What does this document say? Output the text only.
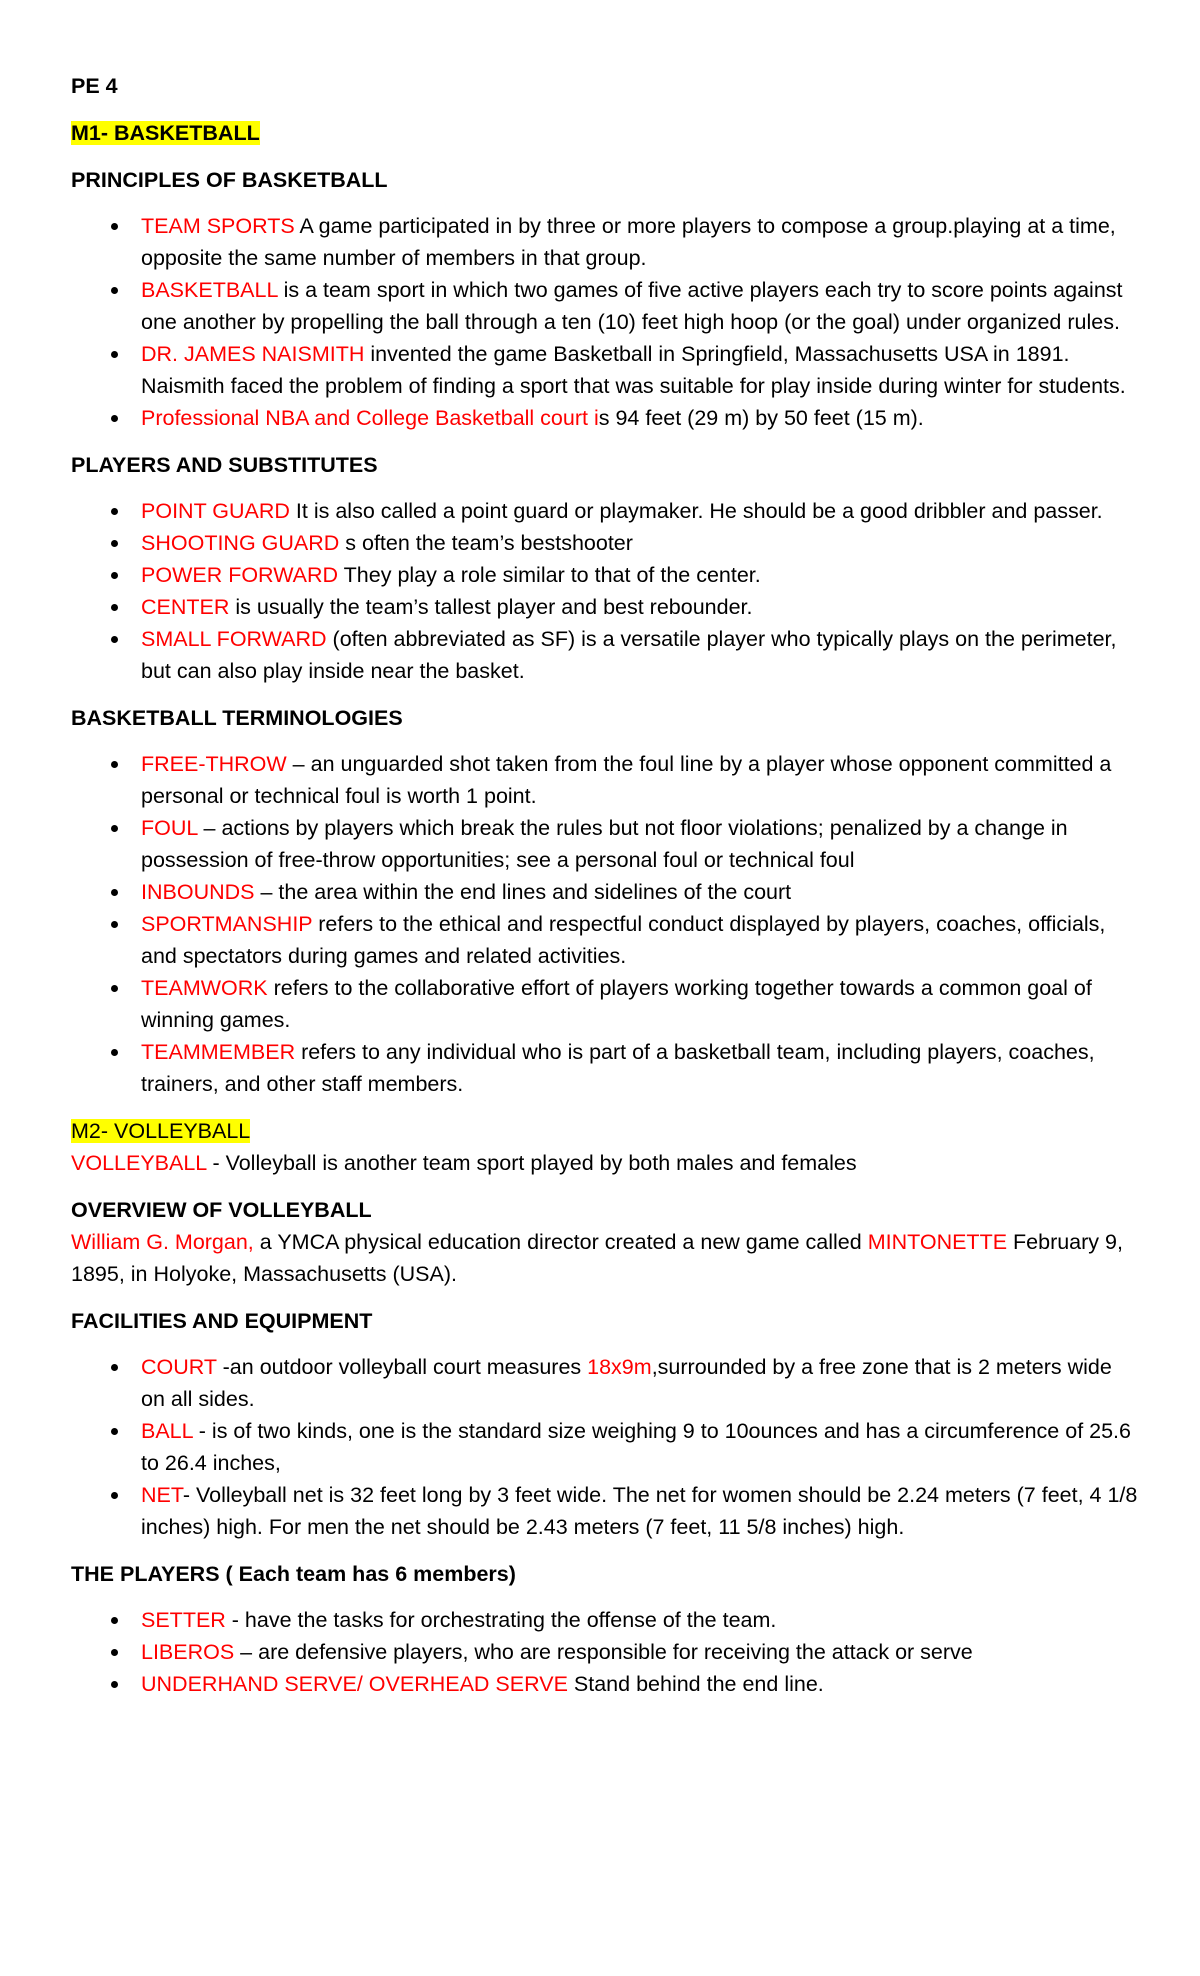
PE 4

M1- BASKETBALL

PRINCIPLES OF BASKETBALL

TEAM SPORTS A game participated in by three or more players to compose a group.playing at a time, opposite the same number of members in that group.
BASKETBALL is a team sport in which two games of five active players each try to score points against one another by propelling the ball through a ten (10) feet high hoop (or the goal) under organized rules.
DR. JAMES NAISMITH invented the game Basketball in Springfield, Massachusetts USA in 1891. Naismith faced the problem of finding a sport that was suitable for play inside during winter for students.
Professional NBA and College Basketball court is 94 feet (29 m) by 50 feet (15 m).

PLAYERS AND SUBSTITUTES

POINT GUARD It is also called a point guard or playmaker. He should be a good dribbler and passer.
SHOOTING GUARD s often the team’s bestshooter
POWER FORWARD They play a role similar to that of the center.
CENTER is usually the team’s tallest player and best rebounder.
SMALL FORWARD (often abbreviated as SF) is a versatile player who typically plays on the perimeter, but can also play inside near the basket.

BASKETBALL TERMINOLOGIES

FREE-THROW – an unguarded shot taken from the foul line by a player whose opponent committed a personal or technical foul is worth 1 point.
FOUL – actions by players which break the rules but not floor violations; penalized by a change in possession of free-throw opportunities; see a personal foul or technical foul
INBOUNDS – the area within the end lines and sidelines of the court
SPORTMANSHIP refers to the ethical and respectful conduct displayed by players, coaches, officials, and spectators during games and related activities.
TEAMWORK refers to the collaborative effort of players working together towards a common goal of winning games.
TEAMMEMBER refers to any individual who is part of a basketball team, including players, coaches, trainers, and other staff members.

M2- VOLLEYBALL

VOLLEYBALL - Volleyball is another team sport played by both males and females

OVERVIEW OF VOLLEYBALL

William G. Morgan, a YMCA physical education director created a new game called MINTONETTE February 9, 1895, in Holyoke, Massachusetts (USA).

FACILITIES AND EQUIPMENT

COURT -an outdoor volleyball court measures 18x9m,surrounded by a free zone that is 2 meters wide on all sides.
BALL - is of two kinds, one is the standard size weighing 9 to 10ounces and has a circumference of 25.6 to 26.4 inches,
NET- Volleyball net is 32 feet long by 3 feet wide. The net for women should be 2.24 meters (7 feet, 4 1/8 inches) high. For men the net should be 2.43 meters (7 feet, 11 5/8 inches) high.

THE PLAYERS ( Each team has 6 members)

SETTER - have the tasks for orchestrating the offense of the team.
LIBEROS – are defensive players, who are responsible for receiving the attack or serve
UNDERHAND SERVE/ OVERHEAD SERVE Stand behind the end line.
